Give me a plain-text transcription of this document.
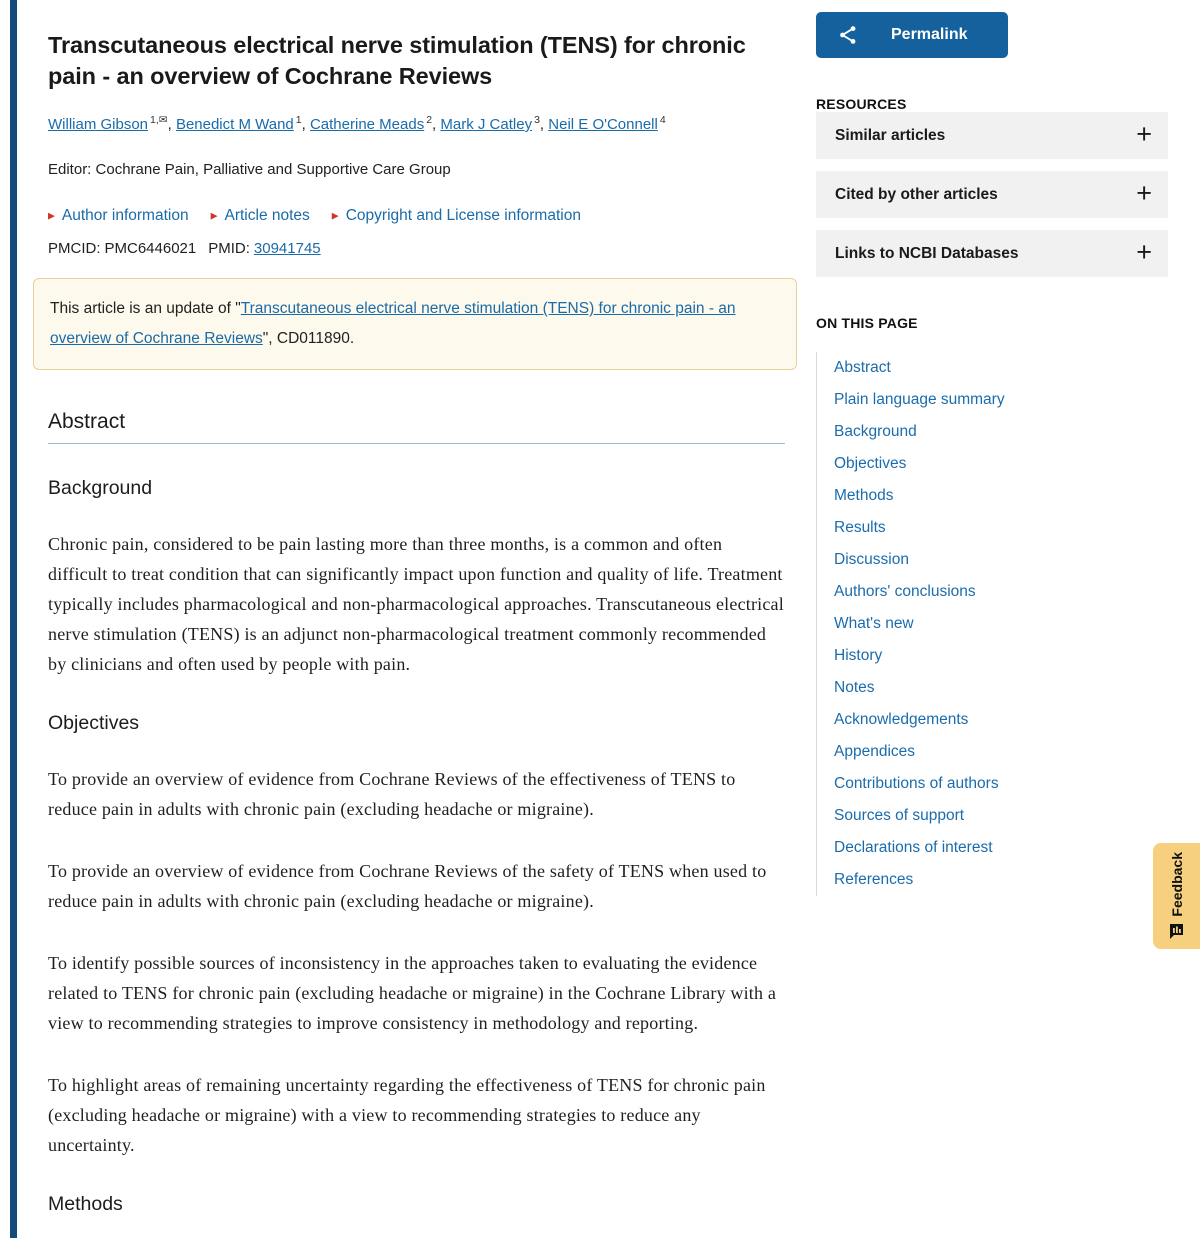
Transcutaneous electrical nerve stimulation (TENS) for chronic pain - an overview of Cochrane Reviews

William Gibson $^{1,✉}$, Benedict M Wand $^1$, Catherine Meads $^2$, Mark J Catley $^3$, Neil E O'Connell $^4$

Editor: Cochrane Pain, Palliative and Supportive Care Group

▶ Author information ▶ Article notes ▶ Copyright and License information

PMCID: PMC6446021 PMID: 30941745

This article is an update of "Transcutaneous electrical nerve stimulation (TENS) for chronic pain - an overview of Cochrane Reviews", CD011890.
Abstract
Background

Chronic pain, considered to be pain lasting more than three months, is a common and often difficult to treat condition that can significantly impact upon function and quality of life. Treatment typically includes pharmacological and non-pharmacological approaches. Transcutaneous electrical nerve stimulation (TENS) is an adjunct non-pharmacological treatment commonly recommended by clinicians and often used by people with pain.

Objectives

To provide an overview of evidence from Cochrane Reviews of the effectiveness of TENS to reduce pain in adults with chronic pain (excluding headache or migraine).

To provide an overview of evidence from Cochrane Reviews of the safety of TENS when used to reduce pain in adults with chronic pain (excluding headache or migraine).

To identify possible sources of inconsistency in the approaches taken to evaluating the evidence related to TENS for chronic pain (excluding headache or migraine) in the Cochrane Library with a view to recommending strategies to improve consistency in methodology and reporting.

To highlight areas of remaining uncertainty regarding the effectiveness of TENS for chronic pain (excluding headache or migraine) with a view to recommending strategies to reduce any uncertainty.

Methods
Permalink
RESOURCES
Similar articles	+
Cited by other articles	+
Links to NCBI Databases	+
ON THIS PAGE
Abstract
Plain language summary
Background
Objectives
Methods
Results
Discussion
Authors' conclusions
What's new
History
Notes
Acknowledgements
Appendices
Contributions of authors
Sources of support
Declarations of interest
References	Feedback
